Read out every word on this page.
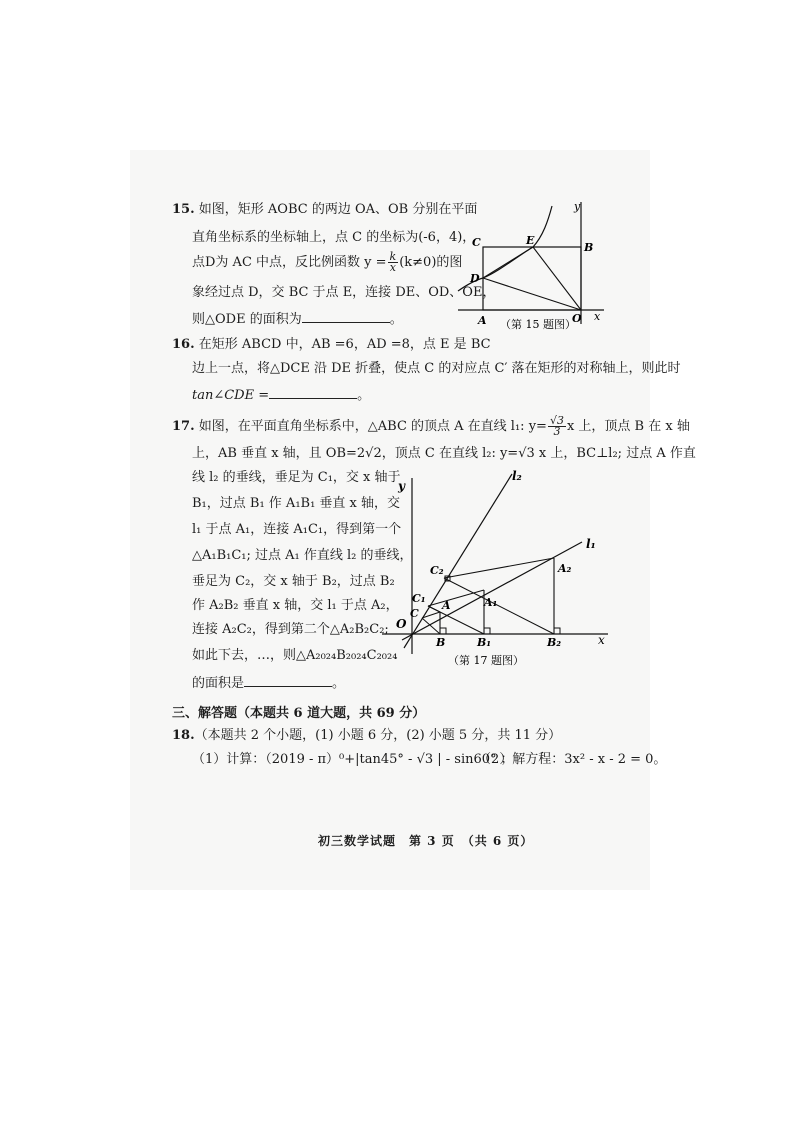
15. 如图，矩形 AOBC 的两边 OA、OB 分别在平面
直角坐标系的坐标轴上，点 C 的坐标为(-6，4)，
点D为 AC 中点，反比例函数 $y = \frac{k}{x} (k\ne 0)$的图
象经过点 D，交 BC 于点 E，连接 DE、OD、OE，
则△ODE 的面积为	。
C	E
B
D
A	O x
y
（第 15 题图）
16. 在矩形 ABCD 中，AB =6，AD =8，点 E 是 BC
边上一点，将△DCE 沿 DE 折叠，使点 C 的对应点 C′ 落在矩形的对称轴上，则此时
tan∠CDE =	。
17. 如图，在平面直角坐标系中，△ABC 的顶点 A 在直线 l₁: $y= \frac{√3}{3}$ x 上，顶点 B 在 x 轴
上，AB 垂直 x 轴，且 OB=2√2，顶点 C 在直线 l₂: y=√3 x 上，BC⊥l₂; 过点 A 作直
线 l₂ 的垂线，垂足为 C₁，交 x 轴于
B₁，过点 B₁ 作 A₁B₁ 垂直 x 轴，交
l₁ 于点 A₁，连接 A₁C₁，得到第一个
△A₁B₁C₁; 过点 A₁ 作直线 l₂ 的垂线，
垂足为 C₂，交 x 轴于 B₂，过点 B₂
作 A₂B₂ 垂直 x 轴，交 l₁ 于点 A₂，
连接 A₂C₂，得到第二个△A₂B₂C₂;
如此下去，…，则△A₂₀₂₄B₂₀₂₄C₂₀₂₄
的面积是	。
y
l₂
l₁
A₂
C₂
C₁
C
A	A₁
O
B	B₁	B₂	x
（第 17 题图）
三、解答题（本题共 6 道大题，共 69 分）
18.（本题共 2 个小题，(1) 小题 6 分，(2) 小题 5 分，共 11 分）
（1）计算：（2019 - π）⁰+|tan45° - √3 | - sin60° ；
（2）解方程：3x² - x - 2 = 0。
初三数学试题　第 3 页　（共 6 页）
